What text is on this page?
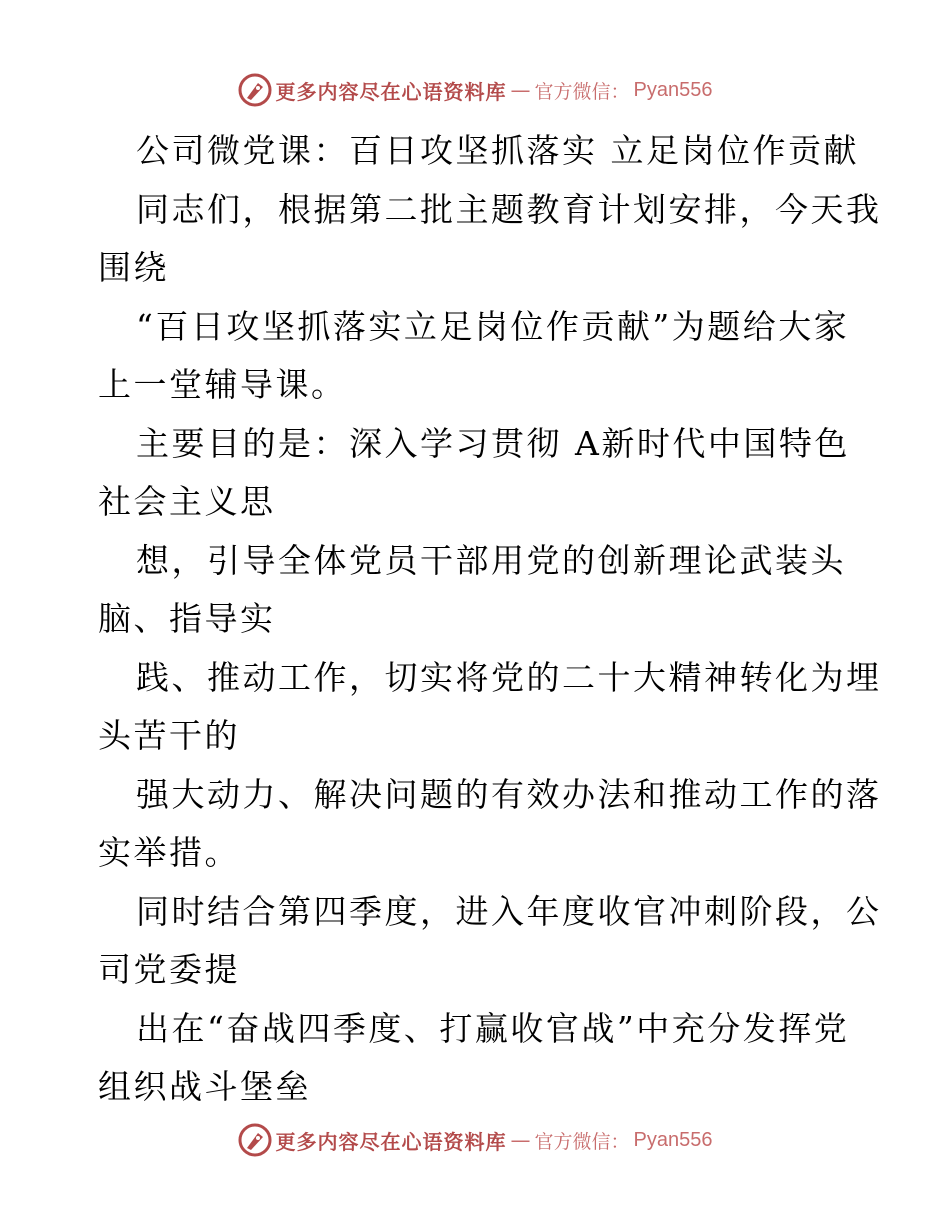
更多内容尽在心语资料库 — 官方微信： Pyan556
公司微党课：百日攻坚抓落实 立足岗位作贡献
同志们，根据第二批主题教育计划安排，今天我
围绕
“百日攻坚抓落实立足岗位作贡献”为题给大家
上一堂辅导课。
主要目的是：深入学习贯彻 A新时代中国特色
社会主义思
想，引导全体党员干部用党的创新理论武装头
脑、指导实
践、推动工作，切实将党的二十大精神转化为埋
头苦干的
强大动力、解决问题的有效办法和推动工作的落
实举措。
同时结合第四季度，进入年度收官冲刺阶段，公
司党委提
出在“奋战四季度、打赢收官战”中充分发挥党
组织战斗堡垒
更多内容尽在心语资料库 — 官方微信： Pyan556
